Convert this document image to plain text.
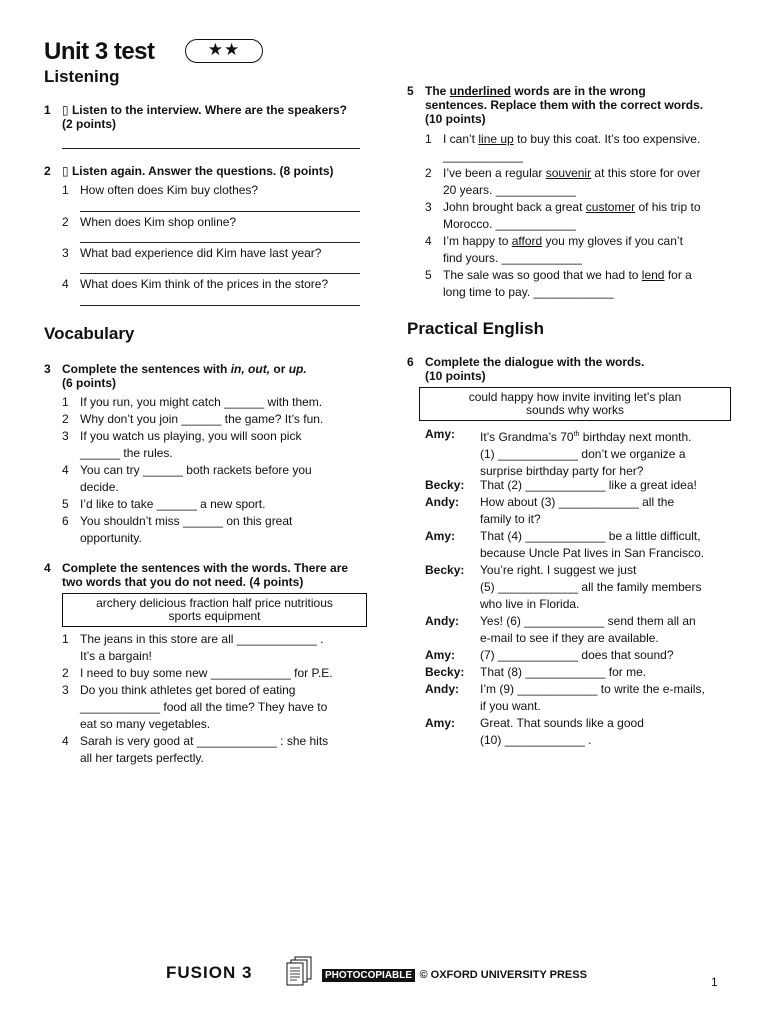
Unit 3 test	★★
Listening
1 ▯ Listen to the interview. Where are the speakers? (2 points)
2 ▯ Listen again. Answer the questions. (8 points)
1 How often does Kim buy clothes?
2 When does Kim shop online?
3 What bad experience did Kim have last year?
4 What does Kim think of the prices in the store?
Vocabulary
3 Complete the sentences with in, out, or up.
(6 points)
1 If you run, you might catch ______ with them.
2 Why don’t you join ______ the game? It’s fun.
3 If you watch us playing, you will soon pick
______ the rules.
4 You can try ______ both rackets before you
decide.
5 I’d like to take ______ a new sport.
6 You shouldn’t miss ______ on this great
opportunity.
4 Complete the sentences with the words. There are two words that you do not need. (4 points)
archery delicious fraction half price nutritious
sports equipment
1 The jeans in this store are all ____________ .
It’s a bargain!
2 I need to buy some new ____________ for P.E.
3 Do you think athletes get bored of eating
____________ food all the time? They have to
eat so many vegetables.
4 Sarah is very good at ____________ : she hits
all her targets perfectly.
5 The underlined words are in the wrong
sentences. Replace them with the correct words.
(10 points)
1 I can’t line up to buy this coat. It’s too expensive.
____________
2 I’ve been a regular souvenir at this store for over
20 years. ____________
3 John brought back a great customer of his trip to
Morocco. ____________
4 I’m happy to afford you my gloves if you can’t
find yours. ____________
5 The sale was so good that we had to lend for a
long time to pay. ____________
Practical English
6 Complete the dialogue with the words.
(10 points)
could happy how invite inviting let’s plan
sounds why works
Amy: It’s Grandma’s 70th birthday next month.
(1) ____________ don’t we organize a
surprise birthday party for her?
Becky: That (2) ____________ like a great idea!
Andy: How about (3) ____________ all the
family to it?
Amy: That (4) ____________ be a little difficult,
because Uncle Pat lives in San Francisco.
Becky: You’re right. I suggest we just
(5) ____________ all the family members
who live in Florida.
Andy: Yes! (6) ____________ send them all an
e-mail to see if they are available.
Amy: (7) ____________ does that sound?
Becky: That (8) ____________ for me.
Andy: I’m (9) ____________ to write the e-mails,
if you want.
Amy: Great. That sounds like a good
(10) ____________ .
FUSION 3	PHOTOCOPIABLE © OXFORD UNIVERSITY PRESS	1
